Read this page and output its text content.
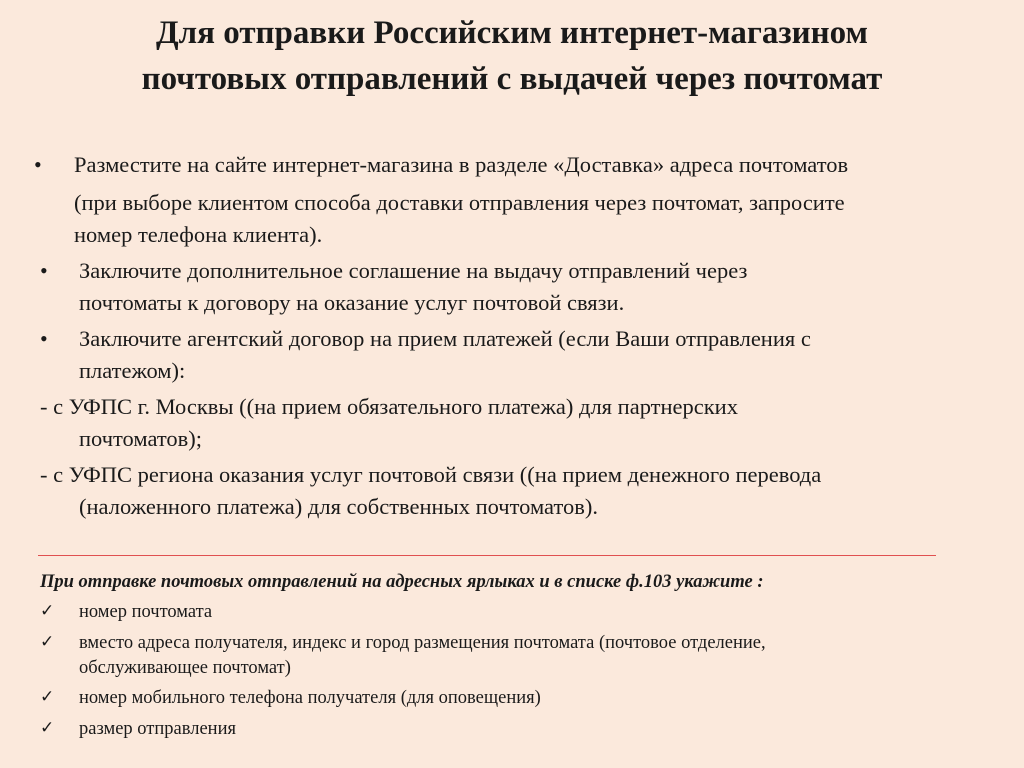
Для отправки Российским интернет-магазином
почтовых отправлений с выдачей через почтомат
• Разместите на сайте интернет-магазина в разделе «Доставка» адреса почтоматов

(при выборе клиентом способа доставки отправления через почтомат, запросите

номер телефона клиента).

• Заключите дополнительное соглашение на выдачу отправлений через

почтоматы к договору на оказание услуг почтовой связи.

• Заключите агентский договор на прием платежей (если Ваши отправления с

платежом):

- с УФПС г. Москвы ((на прием обязательного платежа) для партнерских

почтоматов);

- с УФПС региона оказания услуг почтовой связи ((на прием денежного перевода

(наложенного платежа) для собственных почтоматов).

При отправке почтовых отправлений на адресных ярлыках и в списке ф.103 укажите :

✓ номер почтомата

✓ вместо адреса получателя, индекс и город размещения почтомата (почтовое отделение,

обслуживающее почтомат)

✓ номер мобильного телефона получателя (для оповещения)

✓ размер отправления
